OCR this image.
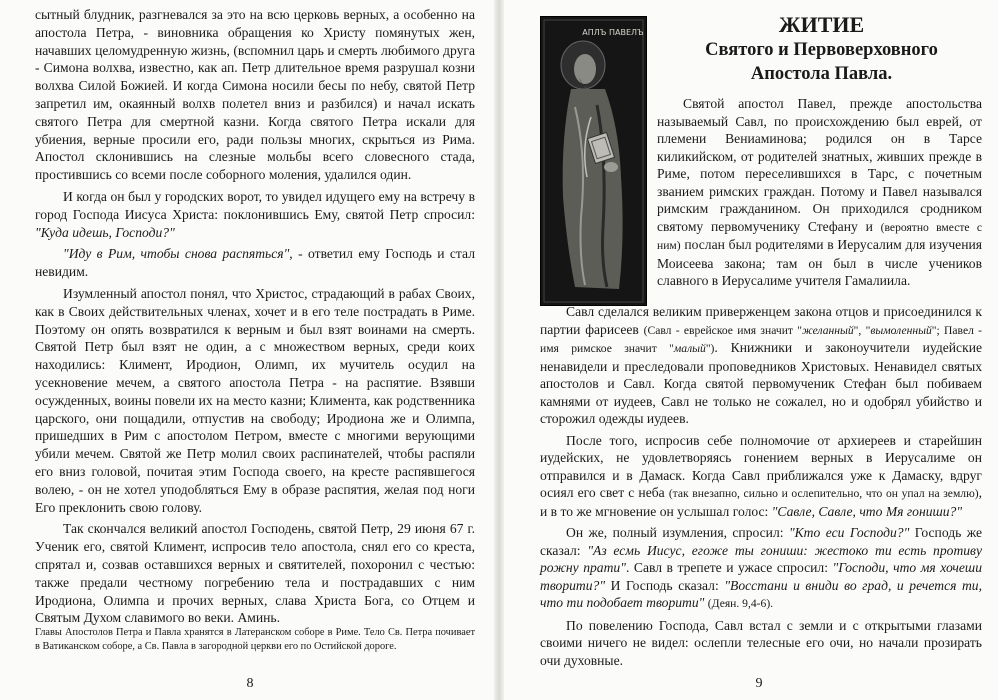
сытный блудник, разгневался за это на всю церковь верных, а особенно на апостола Петра, - виновника обращения ко Христу помянутых жен, начавших целомудренную жизнь, (вспомнил царь и смерть любимого друга - Симона волхва, известно, как ап. Петр длительное время разрушал козни волхва Силой Божией. И когда Симона носили бесы по небу, святой Петр запретил им, окаянный волхв полетел вниз и разбился) и начал искать святого Петра для смертной казни. Когда святого Петра искали для убиения, верные просили его, ради пользы многих, скрыться из Рима. Апостол склонившись на слезные мольбы всего словесного стада, простившись со всеми после соборного моления, удалился один.

И когда он был у городских ворот, то увидел идущего ему на встречу в город Господа Иисуса Христа: поклонившись Ему, святой Петр спросил: "Куда идешь, Господи?"

"Иду в Рим, чтобы снова распяться", - ответил ему Господь и стал невидим.

Изумленный апостол понял, что Христос, страдающий в рабах Своих, как в Своих действительных членах, хочет и в его теле пострадать в Риме. Поэтому он опять возвратился к верным и был взят воинами на смерть. Святой Петр был взят не один, а с множеством верных, среди коих находились: Климент, Иродион, Олимп, их мучитель осудил на усекновение мечем, а святого апостола Петра - на распятие. Взявши осужденных, воины повели их на место казни; Климента, как родственника царского, они пощадили, отпустив на свободу; Иродиона же и Олимпа, пришедших в Рим с апостолом Петром, вместе с многими верующими убили мечем. Святой же Петр молил своих распинателей, чтобы распяли его вниз головой, почитая этим Господа своего, на кресте распявшегося волею, - он не хотел уподобляться Ему в образе распятия, желая под ноги Его преклонить свою голову.

Так скончался великий апостол Господень, святой Петр, 29 июня 67 г. Ученик его, святой Климент, испросив тело апостола, снял его со креста, спрятал и, созвав оставшихся верных и святителей, похоронил с честью: также предали честному погребению тела и пострадавших с ним Иродиона, Олимпа и прочих верных, слава Христа Бога, со Отцем и Святым Духом славимого во веки. Аминь.

Главы Апостолов Петра и Павла хранятся в Латеранском соборе в Риме. Тело Св. Петра почивает в Ватиканском соборе, а Св. Павла в загородной церкви его по Остийской дороге.
8
АПЛЪ ПАВЕЛЪ	ЖИТИЕ
Святого и Первоверховного
Апостола Павла.

Святой апостол Павел, прежде апостольства называемый Савл, по происхождению был еврей, от племени Вениаминова; родился он в Тарсе киликийском, от родителей знатных, живших прежде в Риме, потом переселившихся в Тарс, с почетным званием римских граждан. Потому и Павел назывался римским гражданином. Он приходился сродником святому первомученику Стефану и (вероятно вместе с ним) послан был родителями в Иерусалим для изучения Моисеева закона; там он был в числе учеников славного в Иерусалиме учителя Гамалиила.

Савл сделался великим приверженцем закона отцов и присоединился к партии фарисеев (Савл - еврейское имя значит "желанный", "вымоленный"; Павел - имя римское значит "малый"). Книжники и законоучители иудейские ненавидели и преследовали проповедников Христовых. Ненавидел святых апостолов и Савл. Когда святой первомученик Стефан был побиваем камнями от иудеев, Савл не только не сожалел, но и одобрял убийство и сторожил одежды иудеев.

После того, испросив себе полномочие от архиереев и старейшин иудейских, не удовлетворяясь гонением верных в Иерусалиме он отправился и в Дамаск. Когда Савл приближался уже к Дамаску, вдруг осиял его свет с неба (так внезапно, сильно и ослепительно, что он упал на землю), и в то же мгновение он услышал голос: "Савле, Савле, что Мя гониши?"

Он же, полный изумления, спросил: "Кто еси Господи?" Господь же сказал: "Аз есмь Иисус, егоже ты гониши: жестоко ти есть противу рожну прати". Савл в трепете и ужасе спросил: "Господи, что мя хочеши творити?" И Господь сказал: "Восстани и вниди во град, и речется ти, что ти подобает творити" (Деян. 9,4-6).

По повелению Господа, Савл встал с земли и с открытыми глазами своими ничего не видел: ослепли телесные его очи, но начали прозирать очи духовные.

9
